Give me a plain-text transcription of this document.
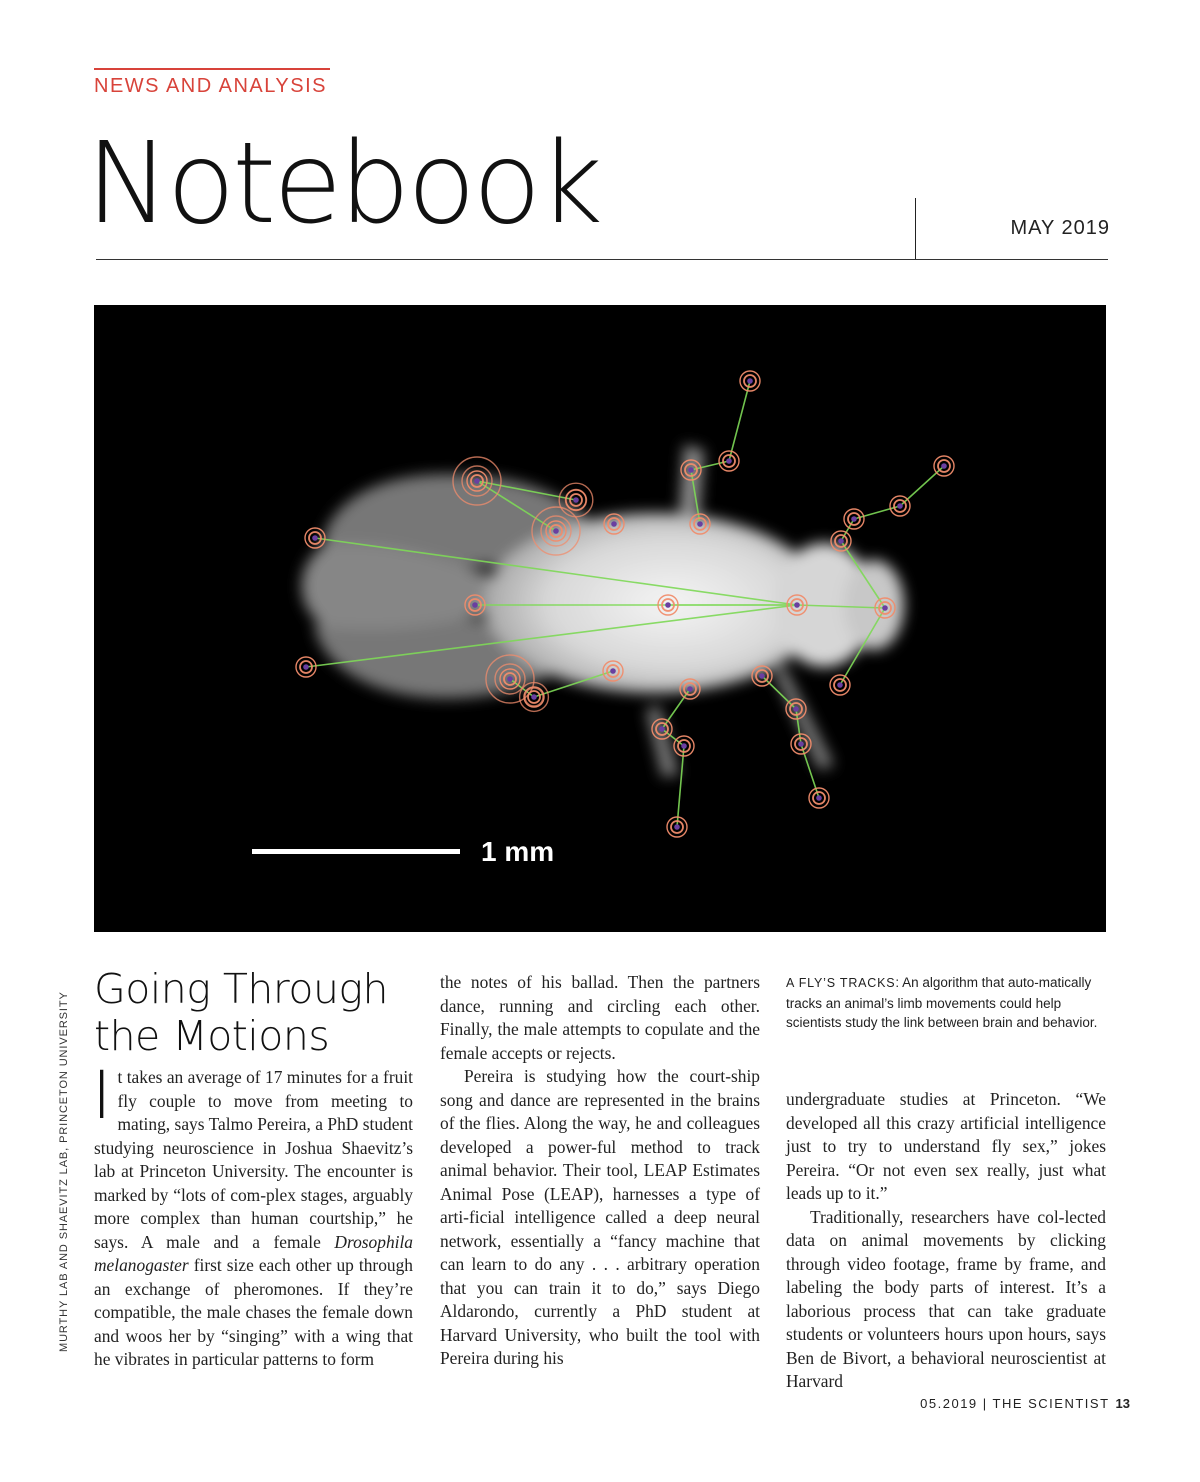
NEWS AND ANALYSIS
Notebook	MAY 2019
1 mm
MURTHY LAB AND SHAEVITZ LAB, PRINCETON UNIVERSITY
Going Through the Motions

It takes an average of 17 minutes for a fruit fly couple to move from meeting to mating, says Talmo Pereira, a PhD student studying neuroscience in Joshua Shaevitz’s lab at Princeton University. The encounter is marked by “lots of com-plex stages, arguably more complex than human courtship,” he says. A male and a female Drosophila melanogaster first size each other up through an exchange of pheromones. If they’re compatible, the male chases the female down and woos her by “singing” with a wing that he vibrates in particular patterns to form

the notes of his ballad. Then the partners dance, running and circling each other. Finally, the male attempts to copulate and the female accepts or rejects.

Pereira is studying how the court-ship song and dance are represented in the brains of the flies. Along the way, he and colleagues developed a power-ful method to track animal behavior. Their tool, LEAP Estimates Animal Pose (LEAP), harnesses a type of arti-ficial intelligence called a deep neural network, essentially a “fancy machine that can learn to do any . . . arbitrary operation that you can train it to do,” says Diego Aldarondo, currently a PhD student at Harvard University, who built the tool with Pereira during his

A FLY’S TRACKS: An algorithm that auto-matically tracks an animal’s limb movements could help scientists study the link between brain and behavior.

undergraduate studies at Princeton. “We developed all this crazy artificial intelligence just to try to understand fly sex,” jokes Pereira. “Or not even sex really, just what leads up to it.”

Traditionally, researchers have col-lected data on animal movements by clicking through video footage, frame by frame, and labeling the body parts of interest. It’s a laborious process that can take graduate students or volunteers hours upon hours, says Ben de Bivort, a behavioral neuroscientist at Harvard

05.2019 | THE SCIENTIST 13
